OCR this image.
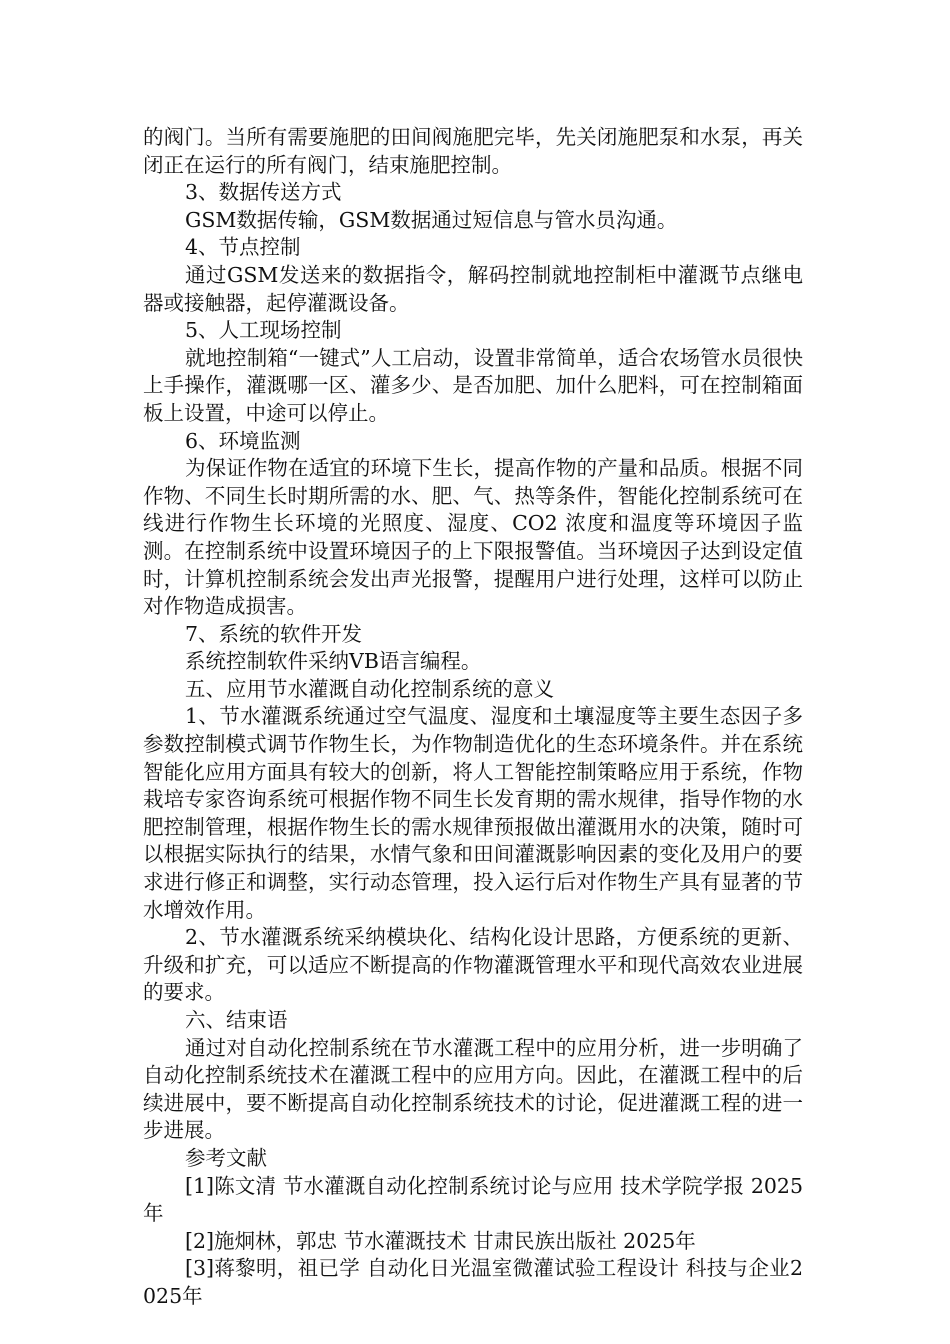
的阀门。当所有需要施肥的田间阀施肥完毕，先关闭施肥泵和水泵，再关闭正在运行的所有阀门，结束施肥控制。

3、数据传送方式

GSM数据传输，GSM数据通过短信息与管水员沟通。

4、节点控制

通过GSM发送来的数据指令，解码控制就地控制柜中灌溉节点继电器或接触器，起停灌溉设备。

5、人工现场控制

就地控制箱“一键式”人工启动，设置非常简单，适合农场管水员很快上手操作，灌溉哪一区、灌多少、是否加肥、加什么肥料，可在控制箱面板上设置，中途可以停止。

6、环境监测

为保证作物在适宜的环境下生长，提高作物的产量和品质。根据不同作物、不同生长时期所需的水、肥、气、热等条件，智能化控制系统可在线进行作物生长环境的光照度、湿度、CO2 浓度和温度等环境因子监测。在控制系统中设置环境因子的上下限报警值。当环境因子达到设定值时，计算机控制系统会发出声光报警，提醒用户进行处理，这样可以防止对作物造成损害。

7、系统的软件开发

系统控制软件采纳VB语言编程。

五、应用节水灌溉自动化控制系统的意义

1、节水灌溉系统通过空气温度、湿度和土壤湿度等主要生态因子多参数控制模式调节作物生长，为作物制造优化的生态环境条件。并在系统智能化应用方面具有较大的创新，将人工智能控制策略应用于系统，作物栽培专家咨询系统可根据作物不同生长发育期的需水规律，指导作物的水肥控制管理，根据作物生长的需水规律预报做出灌溉用水的决策，随时可以根据实际执行的结果，水情气象和田间灌溉影响因素的变化及用户的要求进行修正和调整，实行动态管理，投入运行后对作物生产具有显著的节水增效作用。

2、节水灌溉系统采纳模块化、结构化设计思路，方便系统的更新、升级和扩充，可以适应不断提高的作物灌溉管理水平和现代高效农业进展的要求。

六、结束语

通过对自动化控制系统在节水灌溉工程中的应用分析，进一步明确了自动化控制系统技术在灌溉工程中的应用方向。因此，在灌溉工程中的后续进展中，要不断提高自动化控制系统技术的讨论，促进灌溉工程的进一步进展。

参考文献

[1]陈文清 节水灌溉自动化控制系统讨论与应用 技术学院学报 2025年

[2]施炯林，郭忠 节水灌溉技术 甘肃民族出版社 2025年

[3]蒋黎明，祖已学 自动化日光温室微灌试验工程设计 科技与企业2025年
